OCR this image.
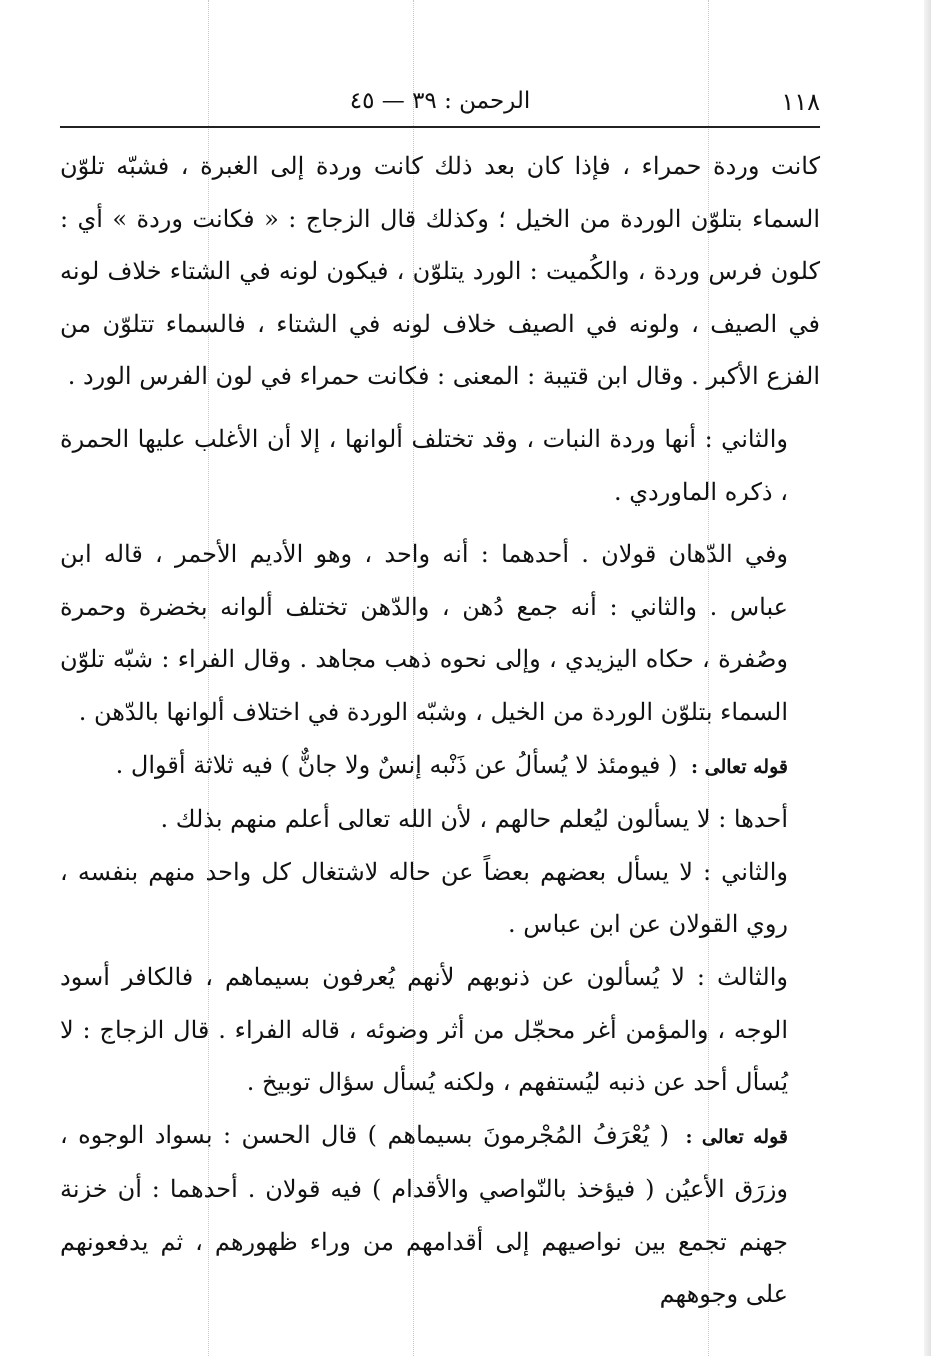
١١٨
الرحمن : ٣٩ — ٤٥

كانت وردة حمراء ، فإذا كان بعد ذلك كانت وردة إلى الغبرة ، فشبّه تلوّن السماء بتلوّن الوردة من الخيل ؛ وكذلك قال الزجاج : « فكانت وردة » أي : كلون فرس وردة ، والكُميت : الورد يتلوّن ، فيكون لونه في الشتاء خلاف لونه في الصيف ، ولونه في الصيف خلاف لونه في الشتاء ، فالسماء تتلوّن من الفزع الأكبر . وقال ابن قتيبة : المعنى : فكانت حمراء في لون الفرس الورد .

والثاني : أنها وردة النبات ، وقد تختلف ألوانها ، إلا أن الأغلب عليها الحمرة ، ذكره الماوردي .

وفي الدّهان قولان . أحدهما : أنه واحد ، وهو الأديم الأحمر ، قاله ابن عباس . والثاني : أنه جمع دُهن ، والدّهن تختلف ألوانه بخضرة وحمرة وصُفرة ، حكاه اليزيدي ، وإلى نحوه ذهب مجاهد . وقال الفراء : شبّه تلوّن السماء بتلوّن الوردة من الخيل ، وشبّه الوردة في اختلاف ألوانها بالدّهن .

قوله تعالى : ( فيومئذ لا يُسألُ عن ذَنْبه إنسٌ ولا جانٌّ ) فيه ثلاثة أقوال .

أحدها : لا يسألون ليُعلم حالهم ، لأن الله تعالى أعلم منهم بذلك .

والثاني : لا يسأل بعضهم بعضاً عن حاله لاشتغال كل واحد منهم بنفسه ، روي القولان عن ابن عباس .

والثالث : لا يُسألون عن ذنوبهم لأنهم يُعرفون بسيماهم ، فالكافر أسود الوجه ، والمؤمن أغر محجّل من أثر وضوئه ، قاله الفراء . قال الزجاج : لا يُسأل أحد عن ذنبه ليُستفهم ، ولكنه يُسأل سؤال توبيخ .

قوله تعالى : ( يُعْرَفُ المُجْرمونَ بسيماهم ) قال الحسن : بسواد الوجوه ، وزرَق الأعيُن ( فيؤخذ بالنّواصي والأقدام ) فيه قولان . أحدهما : أن خزنة جهنم تجمع بين نواصيهم إلى أقدامهم من وراء ظهورهم ، ثم يدفعونهم على وجوههم
